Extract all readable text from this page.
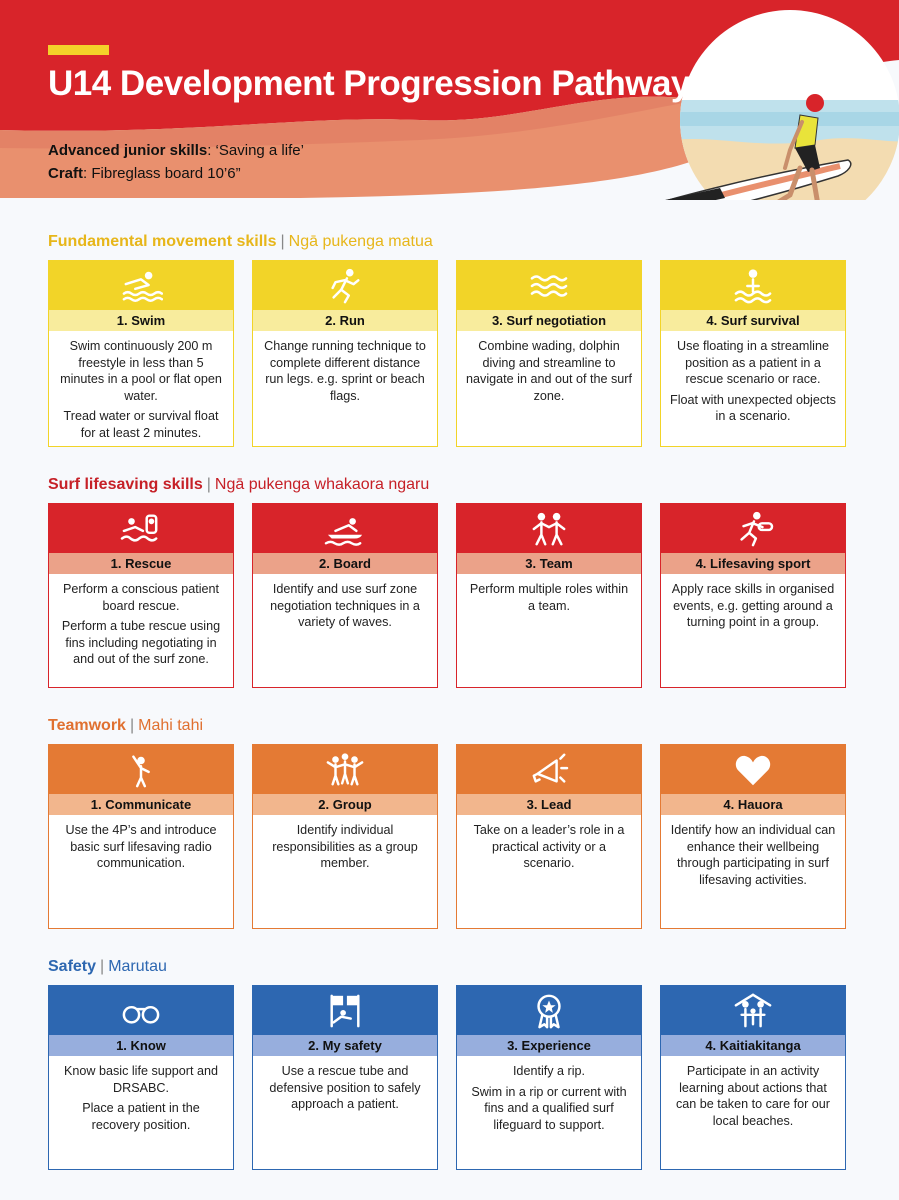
U14 Development Progression Pathway
Advanced junior skills: ‘Saving a life’
Craft: Fibreglass board 10’6”
Fundamental movement skills | Ngā pukenga matua
1. Swim

Swim continuously 200 m freestyle in less than 5 minutes in a pool or flat open water.

Tread water or survival float for at least 2 minutes.

2. Run

Change running technique to complete different distance run legs. e.g. sprint or beach flags.

3. Surf negotiation

Combine wading, dolphin diving and streamline to navigate in and out of the surf zone.

4. Surf survival

Use floating in a streamline position as a patient in a rescue scenario or race.

Float with unexpected objects in a scenario.

Surf lifesaving skills | Ngā pukenga whakaora ngaru
1. Rescue

Perform a conscious patient board rescue.

Perform a tube rescue using fins including negotiating in and out of the surf zone.

2. Board

Identify and use surf zone negotiation techniques in a variety of waves.

3. Team

Perform multiple roles within a team.

4. Lifesaving sport

Apply race skills in organised events, e.g. getting around a turning point in a group.

Teamwork | Mahi tahi
1. Communicate

Use the 4P’s and introduce basic surf lifesaving radio communication.

2. Group

Identify individual responsibilities as a group member.

3. Lead

Take on a leader’s role in a practical activity or a scenario.

4. Hauora

Identify how an individual can enhance their wellbeing through participating in surf lifesaving activities.

Safety | Marutau
1. Know

Know basic life support and DRSABC.

Place a patient in the recovery position.

2. My safety

Use a rescue tube and defensive position to safely approach a patient.

3. Experience

Identify a rip.

Swim in a rip or current with fins and a qualified surf lifeguard to support.

4. Kaitiakitanga

Participate in an activity learning about actions that can be taken to care for our local beaches.
